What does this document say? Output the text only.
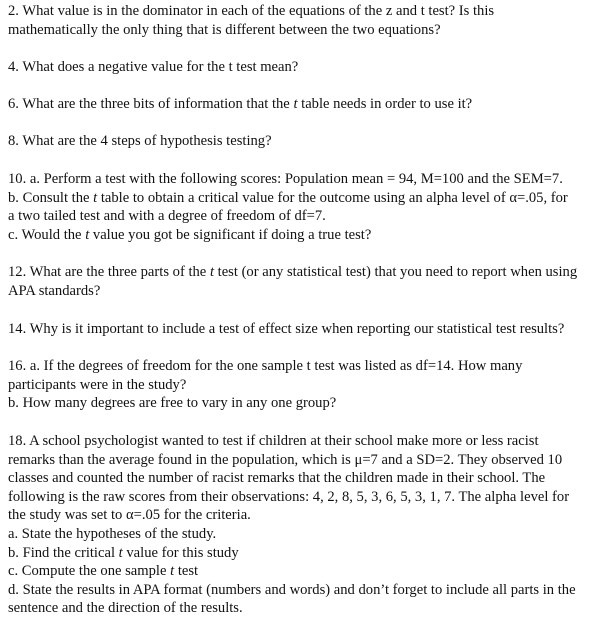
2. What value is in the dominator in each of the equations of the z and t test? Is this

mathematically the only thing that is different between the two equations?

4. What does a negative value for the t test mean?

6. What are the three bits of information that the t table needs in order to use it?

8. What are the 4 steps of hypothesis testing?

10. a. Perform a test with the following scores: Population mean = 94, M=100 and the SEM=7.

b. Consult the t table to obtain a critical value for the outcome using an alpha level of α=.05, for

a two tailed test and with a degree of freedom of df=7.

c. Would the t value you got be significant if doing a true test?

12. What are the three parts of the t test (or any statistical test) that you need to report when using

APA standards?

14. Why is it important to include a test of effect size when reporting our statistical test results?

16. a. If the degrees of freedom for the one sample t test was listed as df=14. How many

participants were in the study?

b. How many degrees are free to vary in any one group?

18. A school psychologist wanted to test if children at their school make more or less racist

remarks than the average found in the population, which is μ=7 and a SD=2. They observed 10

classes and counted the number of racist remarks that the children made in their school. The

following is the raw scores from their observations: 4, 2, 8, 5, 3, 6, 5, 3, 1, 7. The alpha level for

the study was set to α=.05 for the criteria.

a. State the hypotheses of the study.

b. Find the critical t value for this study

c. Compute the one sample t test

d. State the results in APA format (numbers and words) and don’t forget to include all parts in the

sentence and the direction of the results.
